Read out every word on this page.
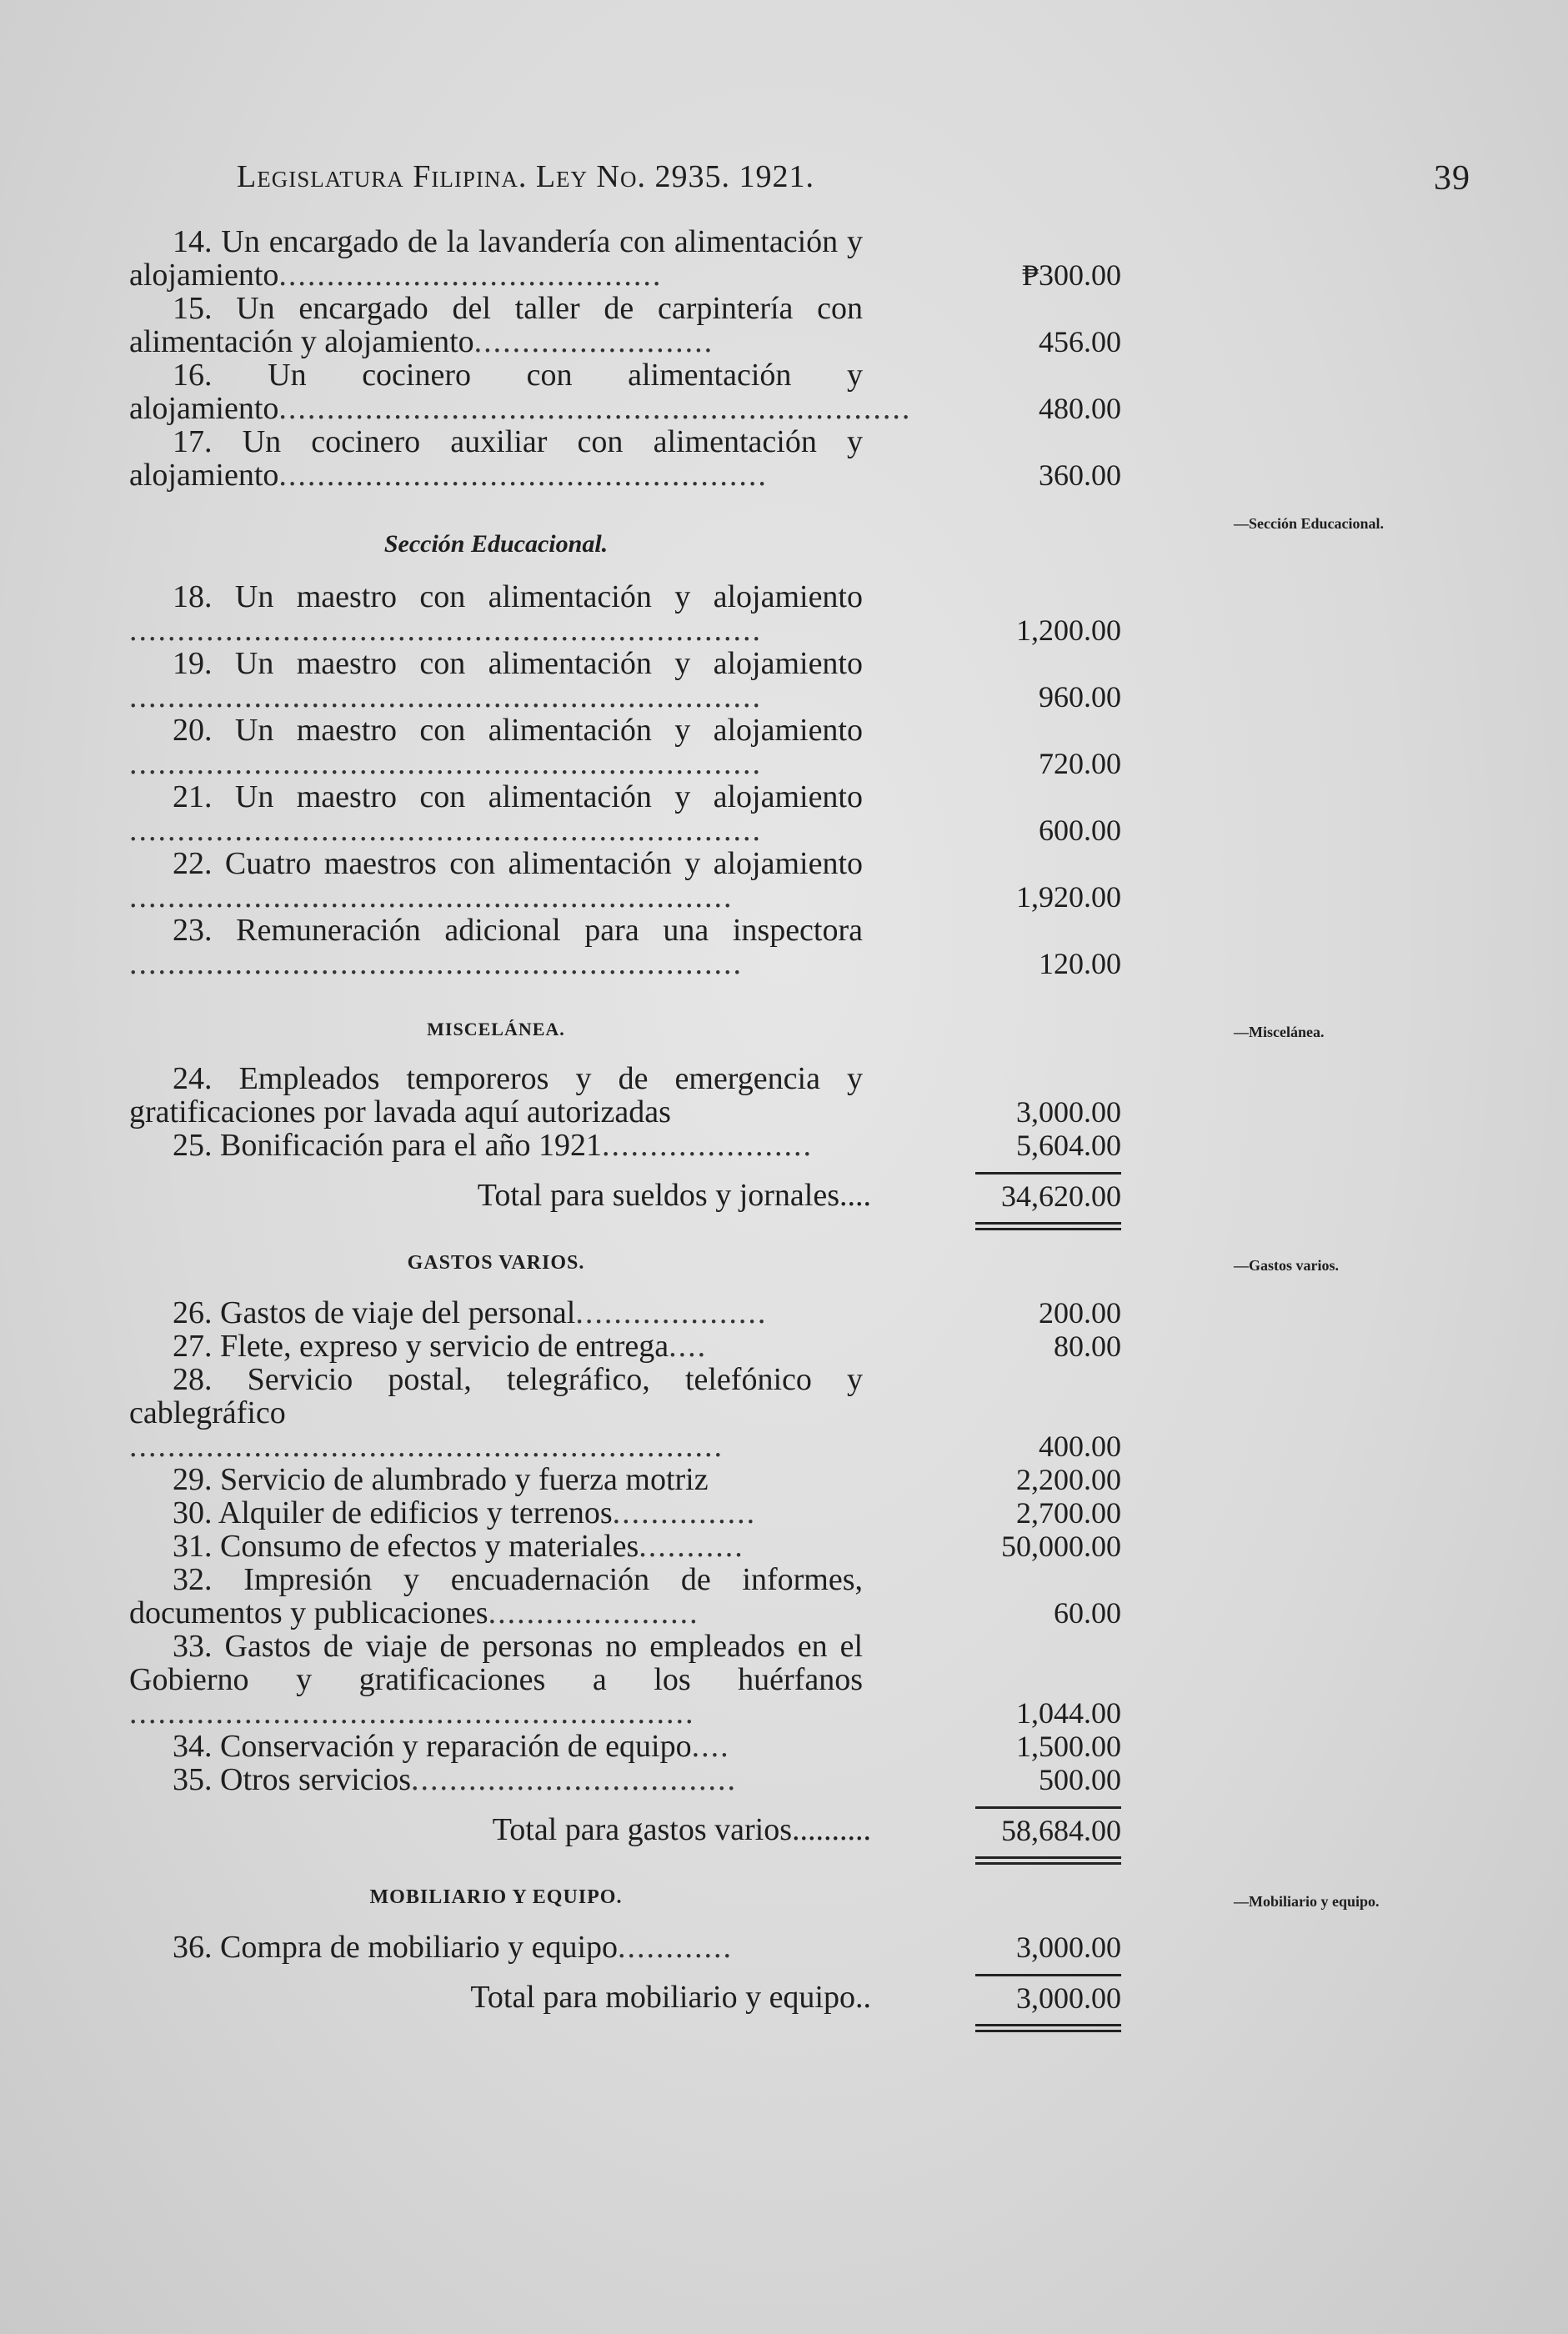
Legislatura Filipina. Ley No. 2935. 1921.	39
14. Un encargado de la lavandería con alimentación y alojamiento........................................	₱300.00
15. Un encargado del taller de carpintería con alimentación y alojamiento.........................	456.00
16. Un cocinero con alimentación y alojamiento..................................................................	480.00
17. Un cocinero auxiliar con alimentación y alojamiento...................................................	360.00
Sección Educacional.
—Sección Educacional.
18. Un maestro con alimentación y alojamiento ..................................................................	1,200.00
19. Un maestro con alimentación y alojamiento ..................................................................	960.00
20. Un maestro con alimentación y alojamiento ..................................................................	720.00
21. Un maestro con alimentación y alojamiento ..................................................................	600.00
22. Cuatro maestros con alimentación y alojamiento ...............................................................	1,920.00
23. Remuneración adicional para una inspectora ................................................................	120.00
MISCELÁNEA.	—Miscelánea.
24. Empleados temporeros y de emergencia y gratificaciones por lavada aquí autorizadas	3,000.00
25. Bonificación para el año 1921......................	5,604.00
Total para sueldos y jornales....	34,620.00
GASTOS VARIOS.	—Gastos varios.
26. Gastos de viaje del personal....................	200.00
27. Flete, expreso y servicio de entrega....	80.00
28. Servicio postal, telegráfico, telefónico y cablegráfico ..............................................................	400.00
29. Servicio de alumbrado y fuerza motriz	2,200.00
30. Alquiler de edificios y terrenos...............	2,700.00
31. Consumo de efectos y materiales...........	50,000.00
32. Impresión y encuadernación de informes, documentos y publicaciones......................	60.00
33. Gastos de viaje de personas no empleados en el Gobierno y gratificaciones a los huérfanos ...........................................................	1,044.00
34. Conservación y reparación de equipo....	1,500.00
35. Otros servicios..................................	500.00
Total para gastos varios..........	58,684.00
MOBILIARIO Y EQUIPO.	—Mobiliario y equipo.
36. Compra de mobiliario y equipo............	3,000.00
Total para mobiliario y equipo..	3,000.00
